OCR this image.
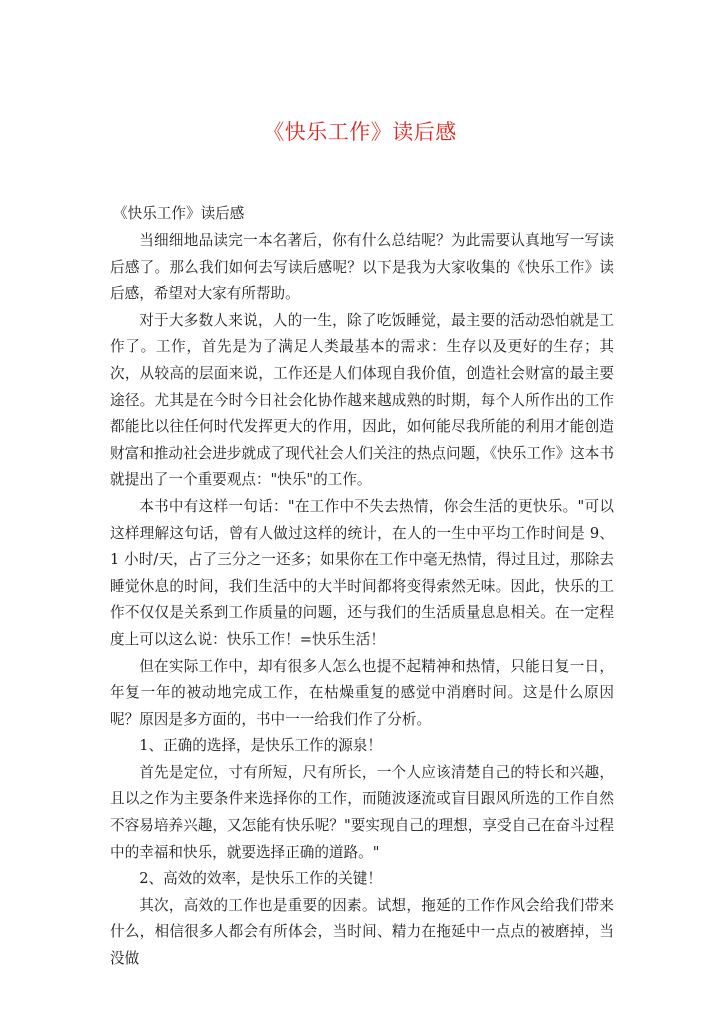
《快乐工作》读后感
《快乐工作》读后感

当细细地品读完一本名著后，你有什么总结呢？为此需要认真地写一写读后感了。那么我们如何去写读后感呢？以下是我为大家收集的《快乐工作》读后感，希望对大家有所帮助。

对于大多数人来说，人的一生，除了吃饭睡觉，最主要的活动恐怕就是工作了。工作，首先是为了满足人类最基本的需求：生存以及更好的生存；其次，从较高的层面来说，工作还是人们体现自我价值，创造社会财富的最主要途径。尤其是在今时今日社会化协作越来越成熟的时期，每个人所作出的工作都能比以往任何时代发挥更大的作用，因此，如何能尽我所能的利用才能创造财富和推动社会进步就成了现代社会人们关注的热点问题，《快乐工作》这本书就提出了一个重要观点："快乐"的工作。

本书中有这样一句话："在工作中不失去热情，你会生活的更快乐。"可以这样理解这句话，曾有人做过这样的统计，在人的一生中平均工作时间是 9、1 小时/天，占了三分之一还多；如果你在工作中毫无热情，得过且过，那除去睡觉休息的时间，我们生活中的大半时间都将变得索然无味。因此，快乐的工作不仅仅是关系到工作质量的问题，还与我们的生活质量息息相关。在一定程度上可以这么说：快乐工作！=快乐生活！

但在实际工作中，却有很多人怎么也提不起精神和热情，只能日复一日，年复一年的被动地完成工作，在枯燥重复的感觉中消磨时间。这是什么原因呢？原因是多方面的，书中一一给我们作了分析。

1、正确的选择，是快乐工作的源泉！

首先是定位，寸有所短，尺有所长，一个人应该清楚自己的特长和兴趣，且以之作为主要条件来选择你的工作，而随波逐流或盲目跟风所选的工作自然不容易培养兴趣，又怎能有快乐呢？"要实现自己的理想，享受自己在奋斗过程中的幸福和快乐，就要选择正确的道路。"

2、高效的效率，是快乐工作的关键！

其次，高效的工作也是重要的因素。试想，拖延的工作作风会给我们带来什么，相信很多人都会有所体会，当时间、精力在拖延中一点点的被磨掉，当没做
